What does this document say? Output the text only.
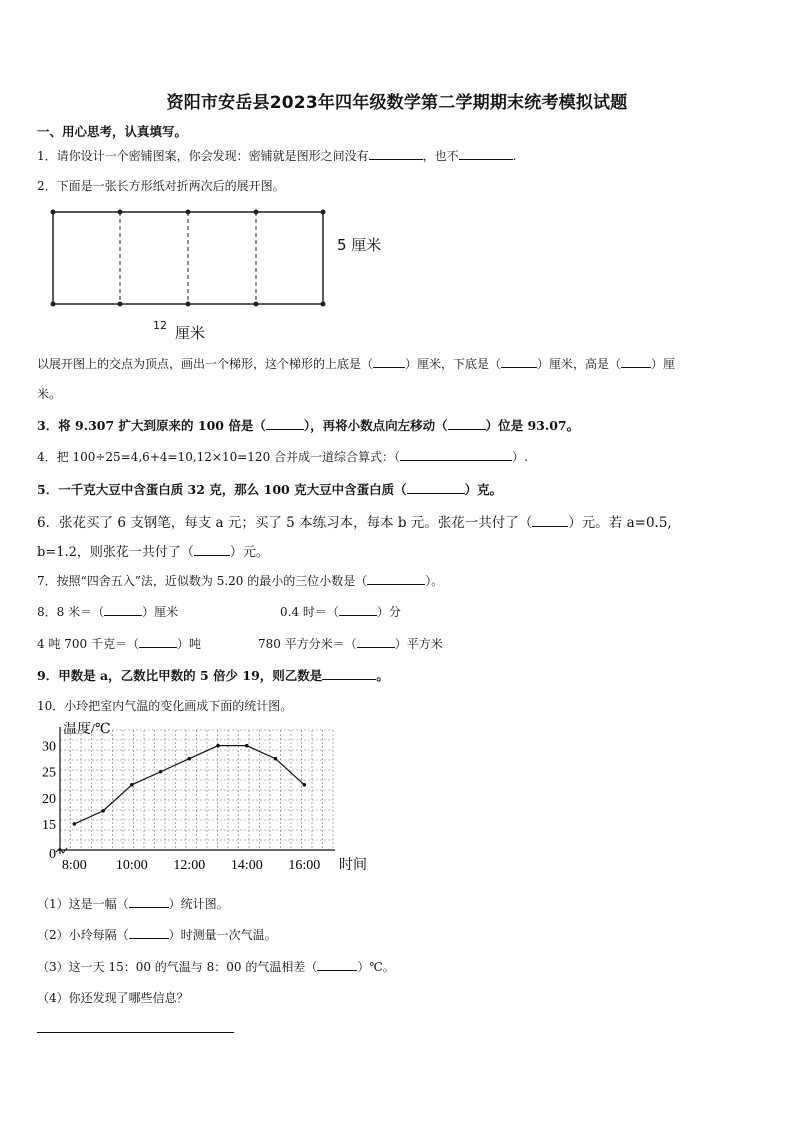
资阳市安岳县2023年四年级数学第二学期期末统考模拟试题
一、用心思考，认真填写。
1．请你设计一个密铺图案，你会发现：密铺就是图形之间没有	，也不	.
2．下面是一张长方形纸对折两次后的展开图。
5 厘米
12 厘米
以展开图上的交点为顶点，画出一个梯形，这个梯形的上底是（	）厘米，下底是（	）厘米，高是（	）厘
米。
3．将 9.307 扩大到原来的 100 倍是（	），再将小数点向左移动（	）位是 93.07。
4．把 100÷25=4,6+4=10,12×10=120 合并成一道综合算式：（	）.
5．一千克大豆中含蛋白质 32 克，那么 100 克大豆中含蛋白质（	）克。
6．张花买了 6 支钢笔，每支 a 元；买了 5 本练习本，每本 b 元。张花一共付了（	）元。若 a=0.5,
b=1.2，则张花一共付了（	）元。
7．按照“四舍五入”法，近似数为 5.20 的最小的三位小数是（	）。
8．8 米＝（	）厘米	0.4 时＝（	）分
4 吨 700 千克＝（	）吨	780 平方分米＝（	）平方米
9．甲数是 a，乙数比甲数的 5 倍少 19，则乙数是	。
10．小玲把室内气温的变化画成下面的统计图。
温度/℃
时间
0
15
20
25
30
8:00 10:00 12:00 14:00 16:00
（1）这是一幅（	）统计图。
（2）小玲每隔（	）时测量一次气温。
（3）这一天 15：00 的气温与 8：00 的气温相差（	）℃。
（4）你还发现了哪些信息？
